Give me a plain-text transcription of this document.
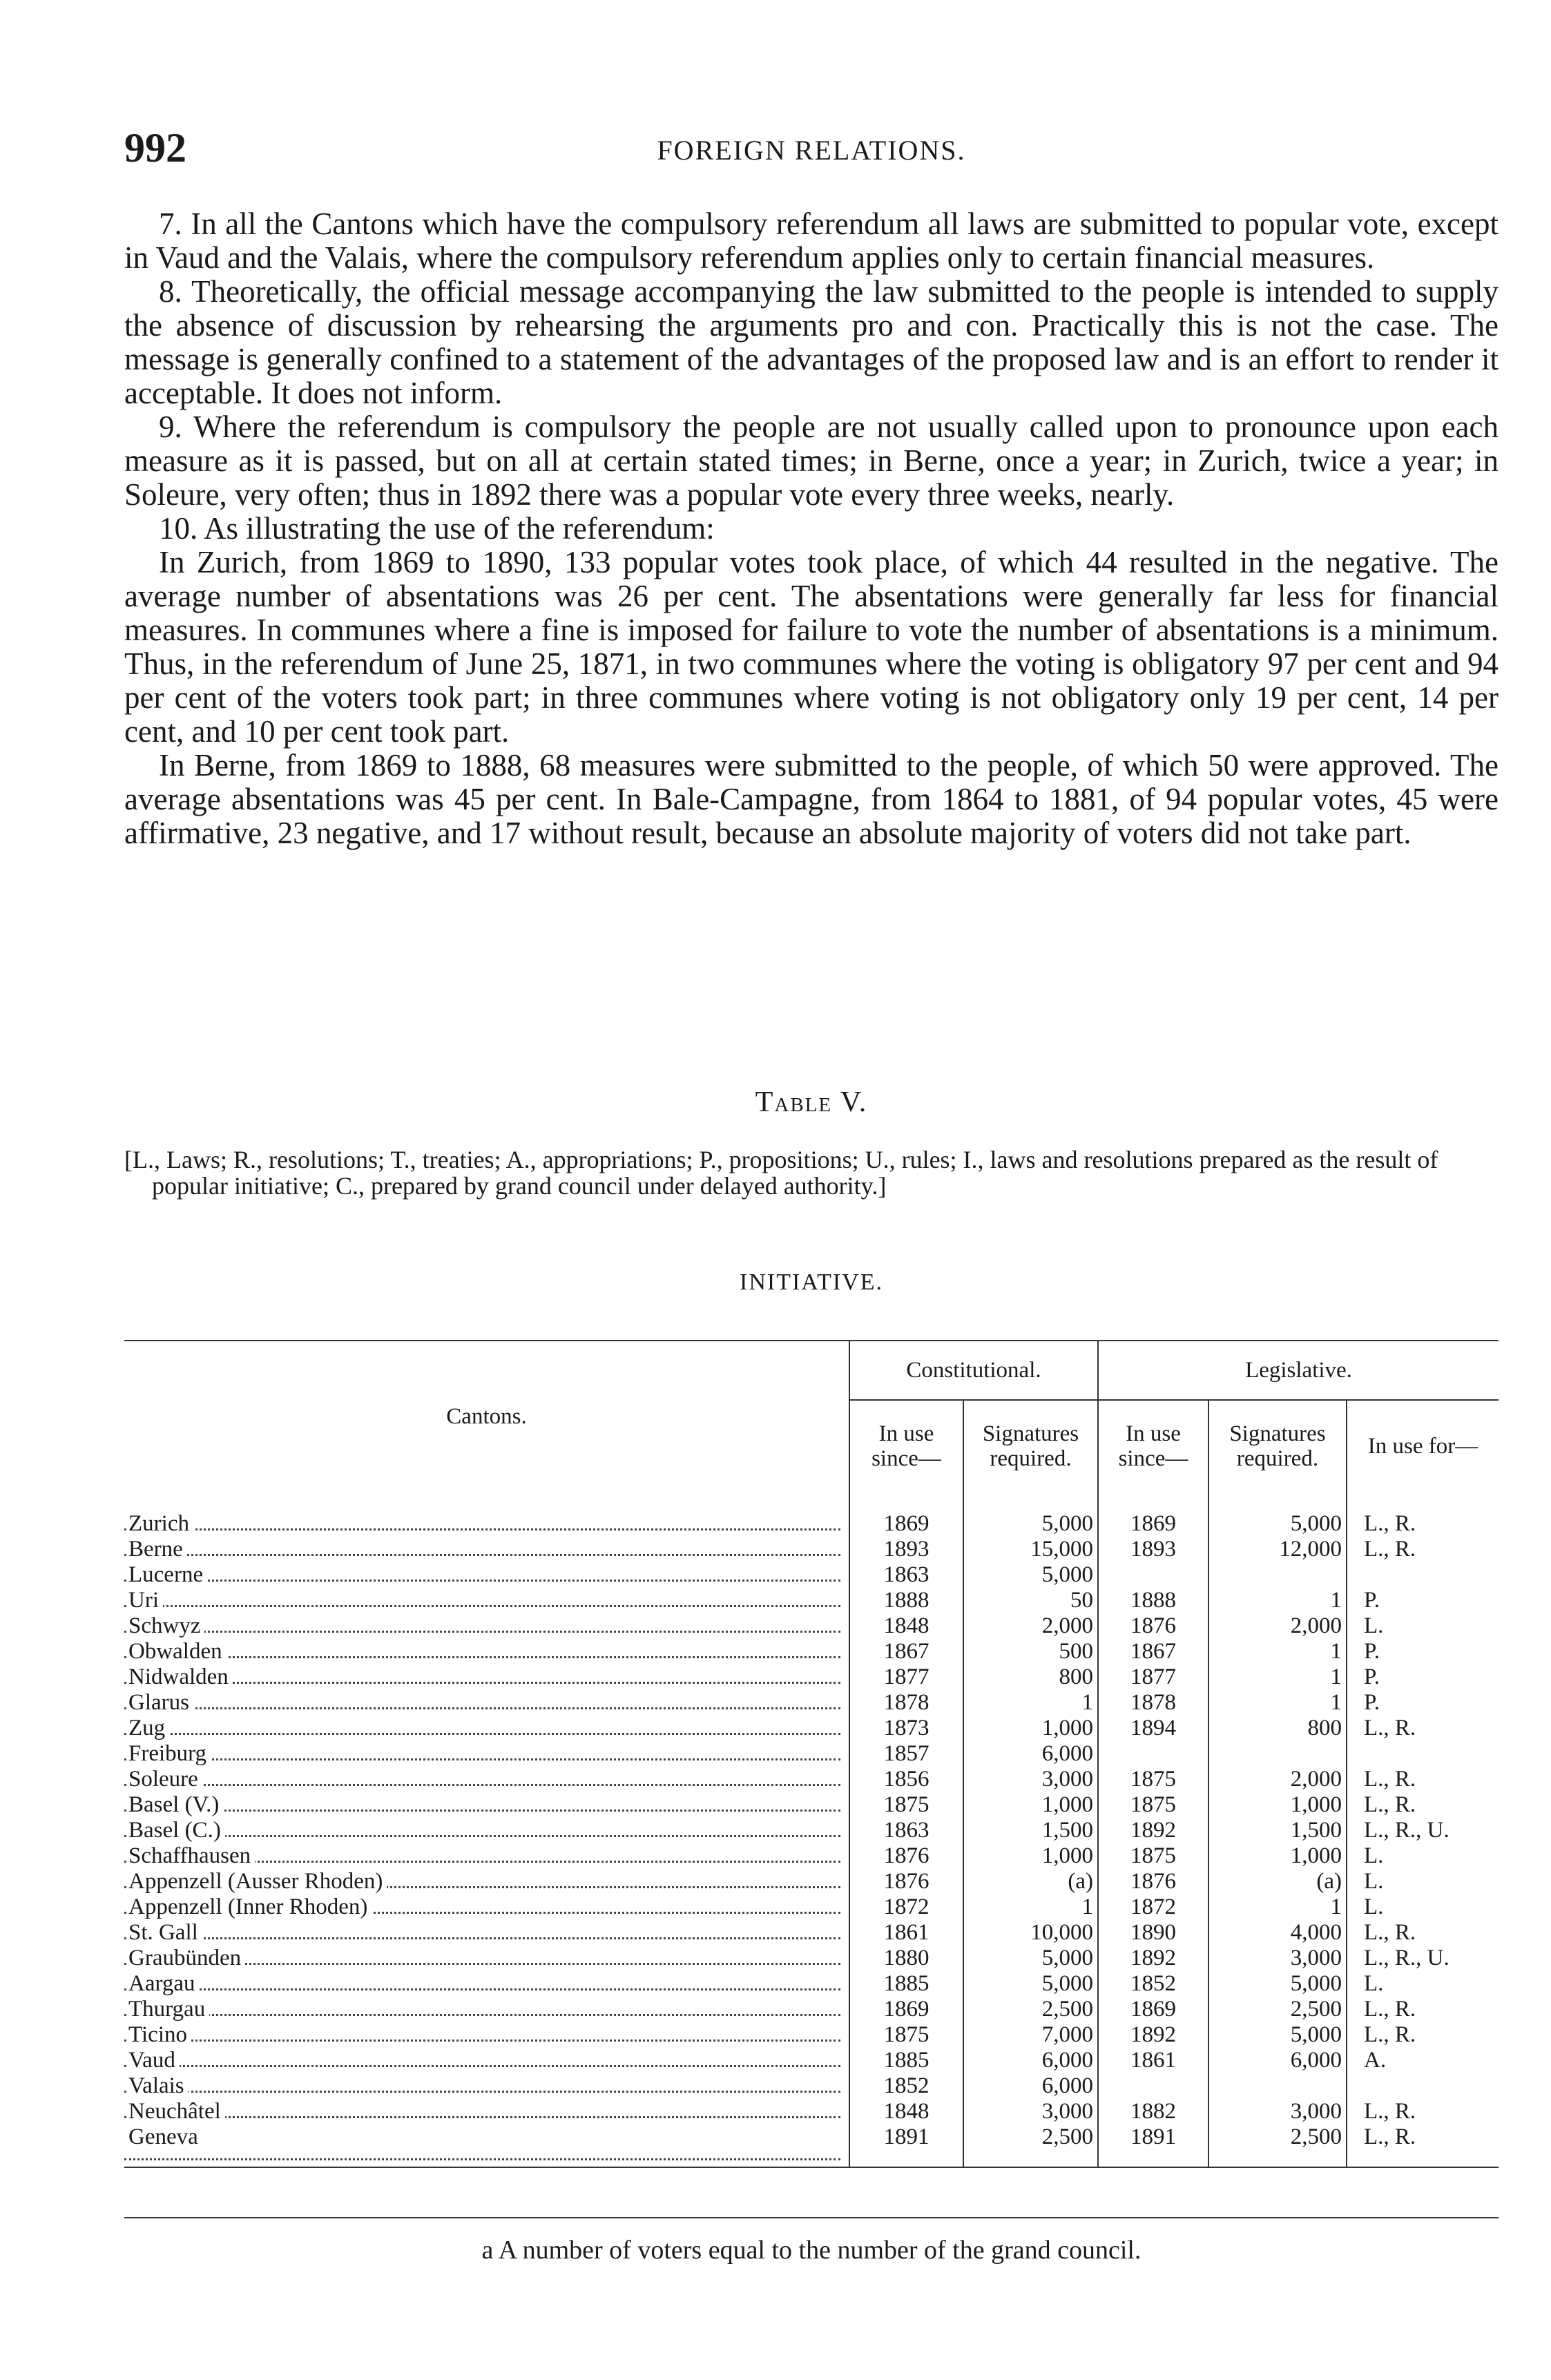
992	FOREIGN RELATIONS.

7. In all the Cantons which have the compulsory referendum all laws are submitted to popular vote, except in Vaud and the Valais, where the compulsory referendum applies only to certain financial measures.

8. Theoretically, the official message accompanying the law submitted to the people is intended to supply the absence of discussion by rehearsing the arguments pro and con. Practically this is not the case. The message is generally confined to a statement of the advantages of the proposed law and is an effort to render it acceptable. It does not inform.

9. Where the referendum is compulsory the people are not usually called upon to pronounce upon each measure as it is passed, but on all at certain stated times; in Berne, once a year; in Zurich, twice a year; in Soleure, very often; thus in 1892 there was a popular vote every three weeks, nearly.

10. As illustrating the use of the referendum:

In Zurich, from 1869 to 1890, 133 popular votes took place, of which 44 resulted in the negative. The average number of absentations was 26 per cent. The absentations were generally far less for financial measures. In communes where a fine is imposed for failure to vote the number of absentations is a minimum. Thus, in the referendum of June 25, 1871, in two communes where the voting is obligatory 97 per cent and 94 per cent of the voters took part; in three communes where voting is not obligatory only 19 per cent, 14 per cent, and 10 per cent took part.

In Berne, from 1869 to 1888, 68 measures were submitted to the people, of which 50 were approved. The average absentations was 45 per cent. In Bale-Campagne, from 1864 to 1881, of 94 popular votes, 45 were affirmative, 23 negative, and 17 without result, because an absolute majority of voters did not take part.

Table V.
[L., Laws; R., resolutions; T., treaties; A., appropriations; P., propositions; U., rules; I., laws and resolutions prepared as the result of popular initiative; C., prepared by grand council under delayed authority.]
INITIATIVE.
Cantons.	Constitutional.		Legislative.		
	In use since—	Signatures required.	In use since—	Signatures required.	In use for—

Zurich	1869	5,000	1869	5,000	L., R.

Berne	1893	15,000	1893	12,000	L., R.

Lucerne	1863	5,000			

Uri	1888	50	1888	1	P.

Schwyz	1848	2,000	1876	2,000	L.

Obwalden	1867	500	1867	1	P.

Nidwalden	1877	800	1877	1	P.

Glarus	1878	1	1878	1	P.

Zug	1873	1,000	1894	800	L., R.

Freiburg	1857	6,000			

Soleure	1856	3,000	1875	2,000	L., R.

Basel (V.)	1875	1,000	1875	1,000	L., R.

Basel (C.)	1863	1,500	1892	1,500	L., R., U.

Schaffhausen	1876	1,000	1875	1,000	L.

Appenzell (Ausser Rhoden)	1876	(a)	1876	(a)	L.

Appenzell (Inner Rhoden)	1872	1	1872	1	L.

St. Gall	1861	10,000	1890	4,000	L., R.

Graubünden	1880	5,000	1892	3,000	L., R., U.

Aargau	1885	5,000	1852	5,000	L.

Thurgau	1869	2,500	1869	2,500	L., R.

Ticino	1875	7,000	1892	5,000	L., R.

Vaud	1885	6,000	1861	6,000	A.

Valais	1852	6,000			

Neuchâtel	1848	3,000	1882	3,000	L., R.

Geneva	1891	2,500	1891	2,500	L., R.
a A number of voters equal to the number of the grand council.
